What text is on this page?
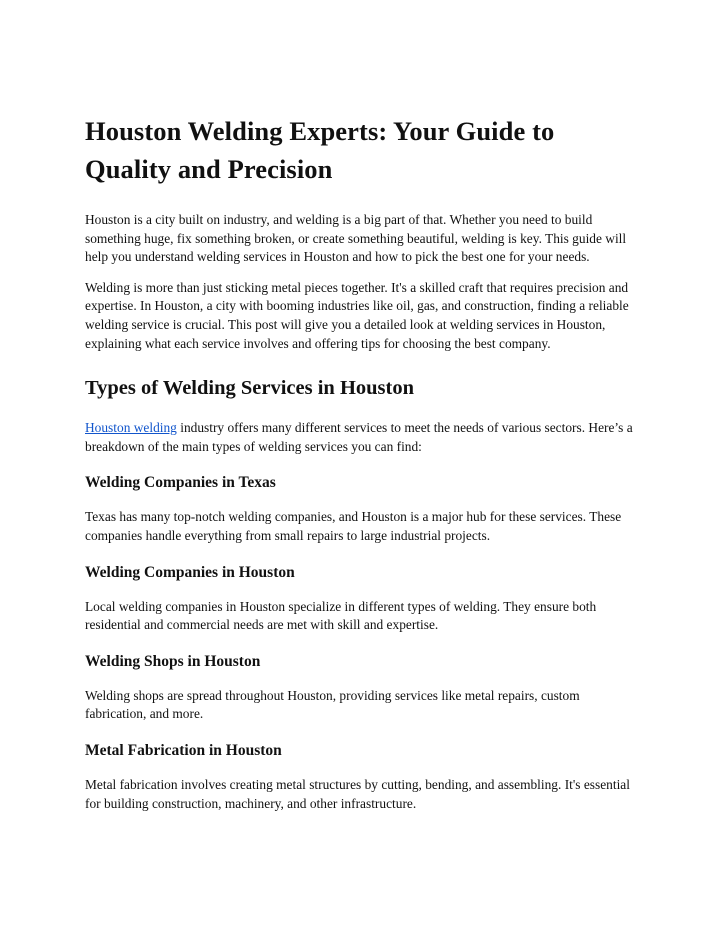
Houston Welding Experts: Your Guide to Quality and Precision

Houston is a city built on industry, and welding is a big part of that. Whether you need to build something huge, fix something broken, or create something beautiful, welding is key. This guide will help you understand welding services in Houston and how to pick the best one for your needs.

Welding is more than just sticking metal pieces together. It's a skilled craft that requires precision and expertise. In Houston, a city with booming industries like oil, gas, and construction, finding a reliable welding service is crucial. This post will give you a detailed look at welding services in Houston, explaining what each service involves and offering tips for choosing the best company.

Types of Welding Services in Houston

Houston welding industry offers many different services to meet the needs of various sectors. Here’s a breakdown of the main types of welding services you can find:

Welding Companies in Texas

Texas has many top-notch welding companies, and Houston is a major hub for these services. These companies handle everything from small repairs to large industrial projects.

Welding Companies in Houston

Local welding companies in Houston specialize in different types of welding. They ensure both residential and commercial needs are met with skill and expertise.

Welding Shops in Houston

Welding shops are spread throughout Houston, providing services like metal repairs, custom fabrication, and more.

Metal Fabrication in Houston

Metal fabrication involves creating metal structures by cutting, bending, and assembling. It's essential for building construction, machinery, and other infrastructure.
